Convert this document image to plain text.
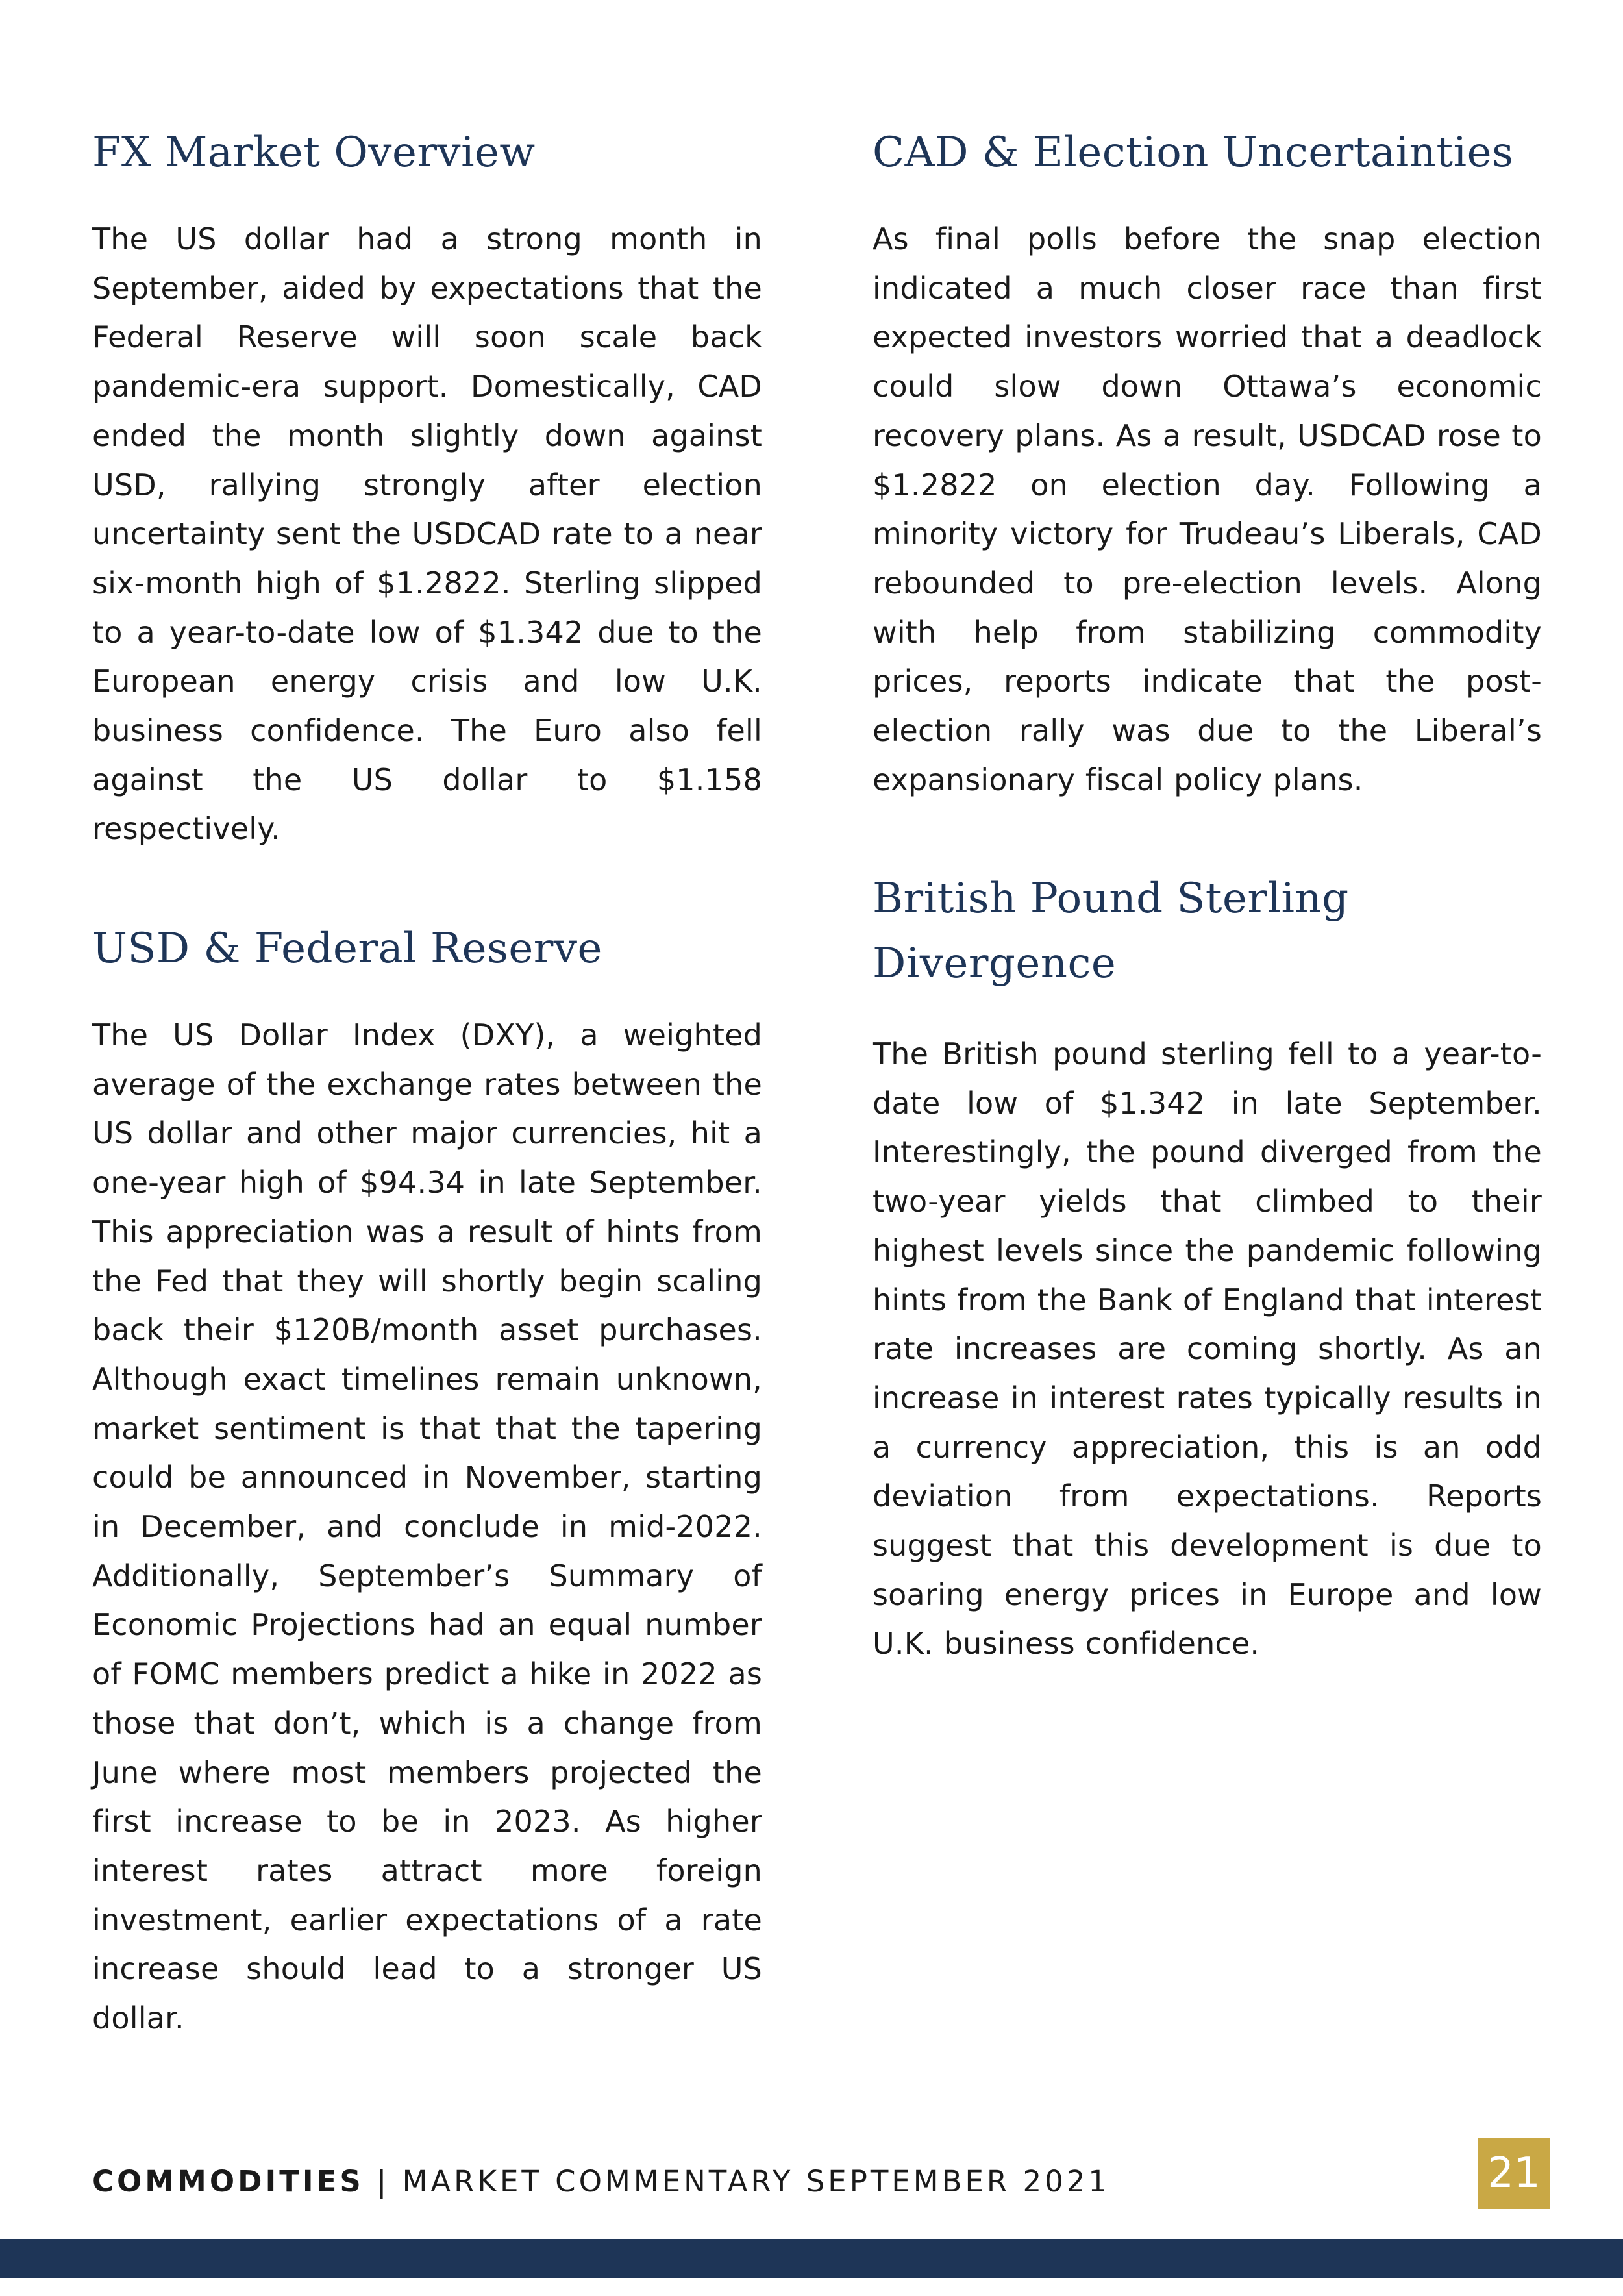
FX Market Overview

The US dollar had a strong month in September, aided by expectations that the Federal Reserve will soon scale back pandemic-era support. Domestically, CAD ended the month slightly down against USD, rallying strongly after election uncertainty sent the USDCAD rate to a near six-month high of $1.2822. Sterling slipped to a year-to-date low of $1.342 due to the European energy crisis and low U.K. business confidence. The Euro also fell against the US dollar to $1.158 respectively.

USD & Federal Reserve

The US Dollar Index (DXY), a weighted average of the exchange rates between the US dollar and other major currencies, hit a one-year high of $94.34 in late September. This appreciation was a result of hints from the Fed that they will shortly begin scaling back their $120B/month asset purchases. Although exact timelines remain unknown, market sentiment is that that the tapering could be announced in November, starting in December, and conclude in mid-2022. Additionally, September’s Summary of Economic Projections had an equal number of FOMC members predict a hike in 2022 as those that don’t, which is a change from June where most members projected the first increase to be in 2023. As higher interest rates attract more foreign investment, earlier expectations of a rate increase should lead to a stronger US dollar.

CAD & Election Uncertainties

As final polls before the snap election indicated a much closer race than first expected investors worried that a deadlock could slow down Ottawa’s economic recovery plans. As a result, USDCAD rose to $1.2822 on election day. Following a minority victory for Trudeau’s Liberals, CAD rebounded to pre-election levels. Along with help from stabilizing commodity prices, reports indicate that the post-election rally was due to the Liberal’s expansionary fiscal policy plans.

British Pound Sterling
Divergence

The British pound sterling fell to a year-to-date low of $1.342 in late September. Interestingly, the pound diverged from the two-year yields that climbed to their highest levels since the pandemic following hints from the Bank of England that interest rate increases are coming shortly. As an increase in interest rates typically results in a currency appreciation, this is an odd deviation from expectations. Reports suggest that this development is due to soaring energy prices in Europe and low U.K. business confidence.

COMMODITIES | MARKET COMMENTARY SEPTEMBER 2021	21
